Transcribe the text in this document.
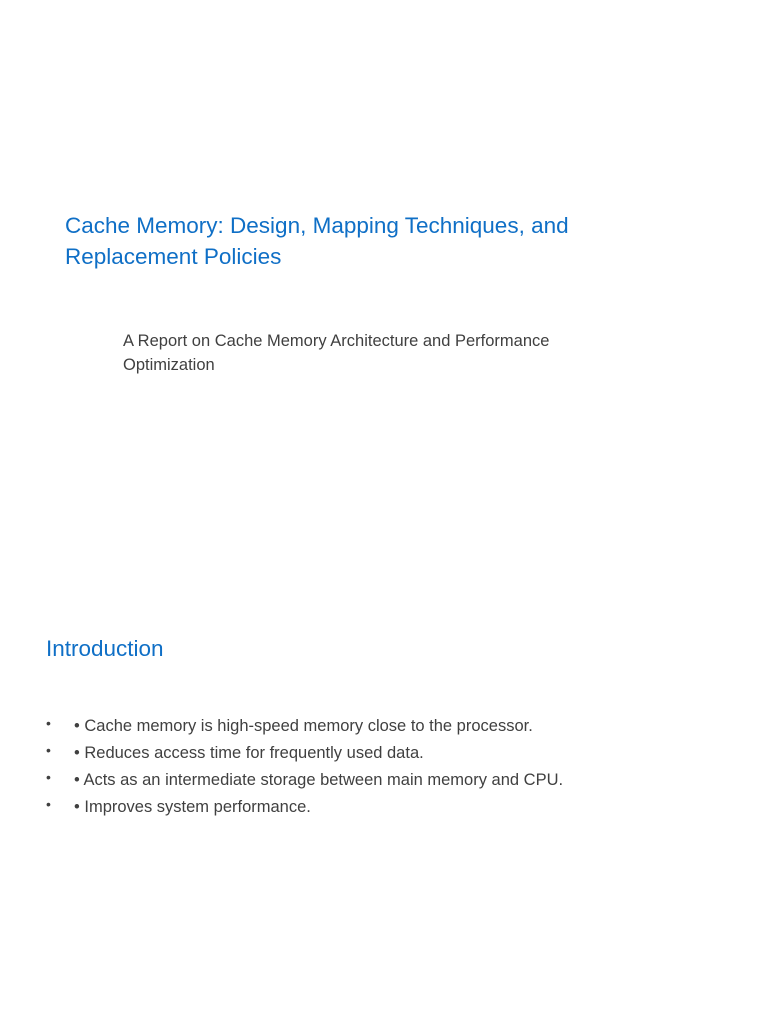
Cache Memory: Design, Mapping Techniques, and Replacement Policies

A Report on Cache Memory Architecture and Performance Optimization

Introduction
• • Cache memory is high-speed memory close to the processor.
• • Reduces access time for frequently used data.
• • Acts as an intermediate storage between main memory and CPU.
• • Improves system performance.
